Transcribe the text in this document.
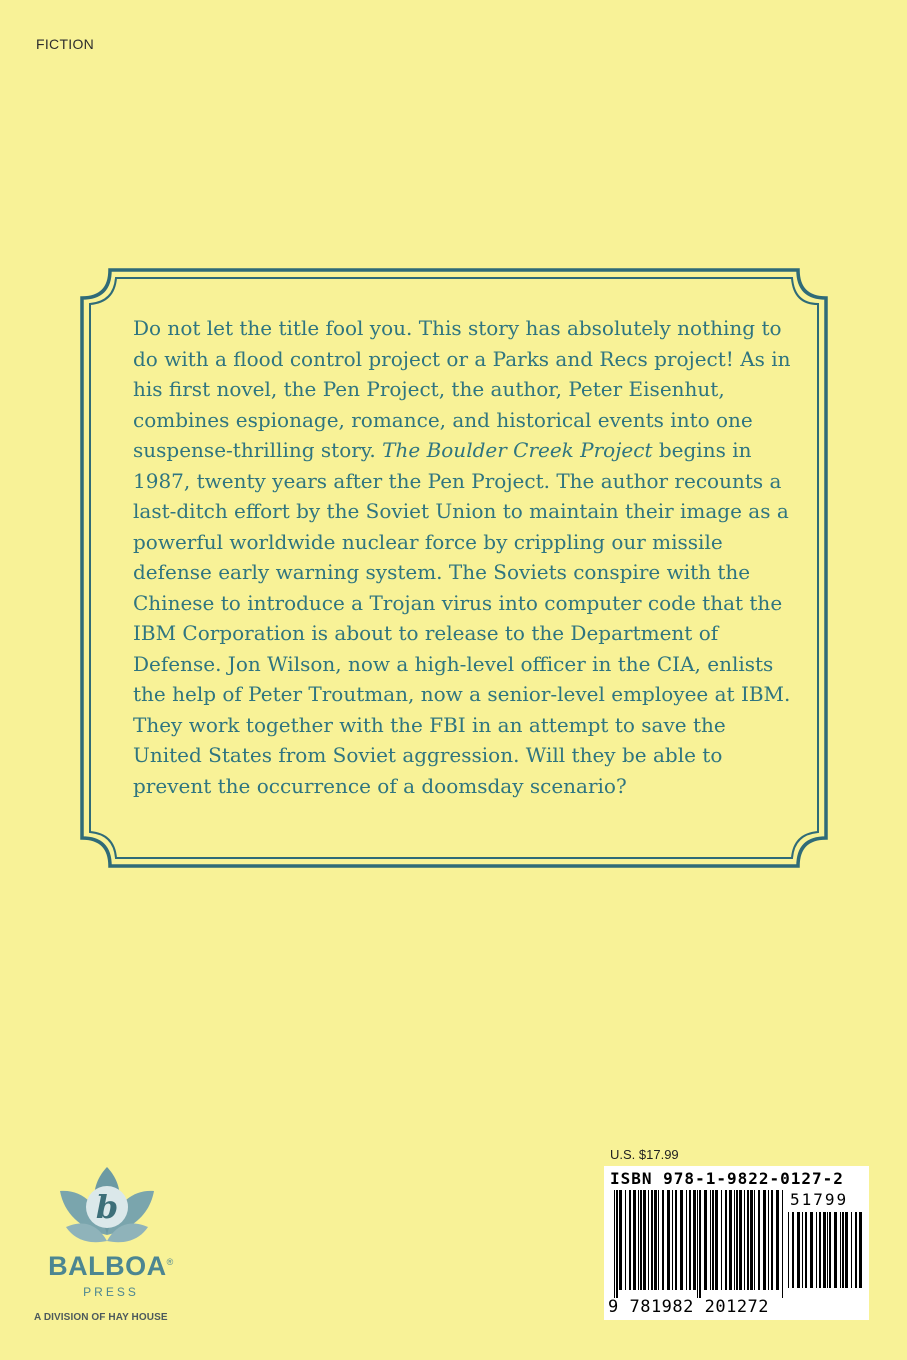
FICTION

Do not let the title fool you. This story has absolutely nothing to do with a flood control project or a Parks and Recs project! As in his first novel, the Pen Project, the author, Peter Eisenhut, combines espionage, romance, and historical events into one suspense-thrilling story. The Boulder Creek Project begins in 1987, twenty years after the Pen Project. The author recounts a last-ditch effort by the Soviet Union to maintain their image as a powerful worldwide nuclear force by crippling our missile defense early warning system. The Soviets conspire with the Chinese to introduce a Trojan virus into computer code that the IBM Corporation is about to release to the Department of Defense. Jon Wilson, now a high-level officer in the CIA, enlists the help of Peter Troutman, now a senior-level employee at IBM. They work together with the FBI in an attempt to save the United States from Soviet aggression. Will they be able to prevent the occurrence of a doomsday scenario?

b
BALBOA®
PRESS
A DIVISION OF HAY HOUSE
U.S. $17.99
ISBN 978-1-9822-0127-2
51799
9 781982 201272
